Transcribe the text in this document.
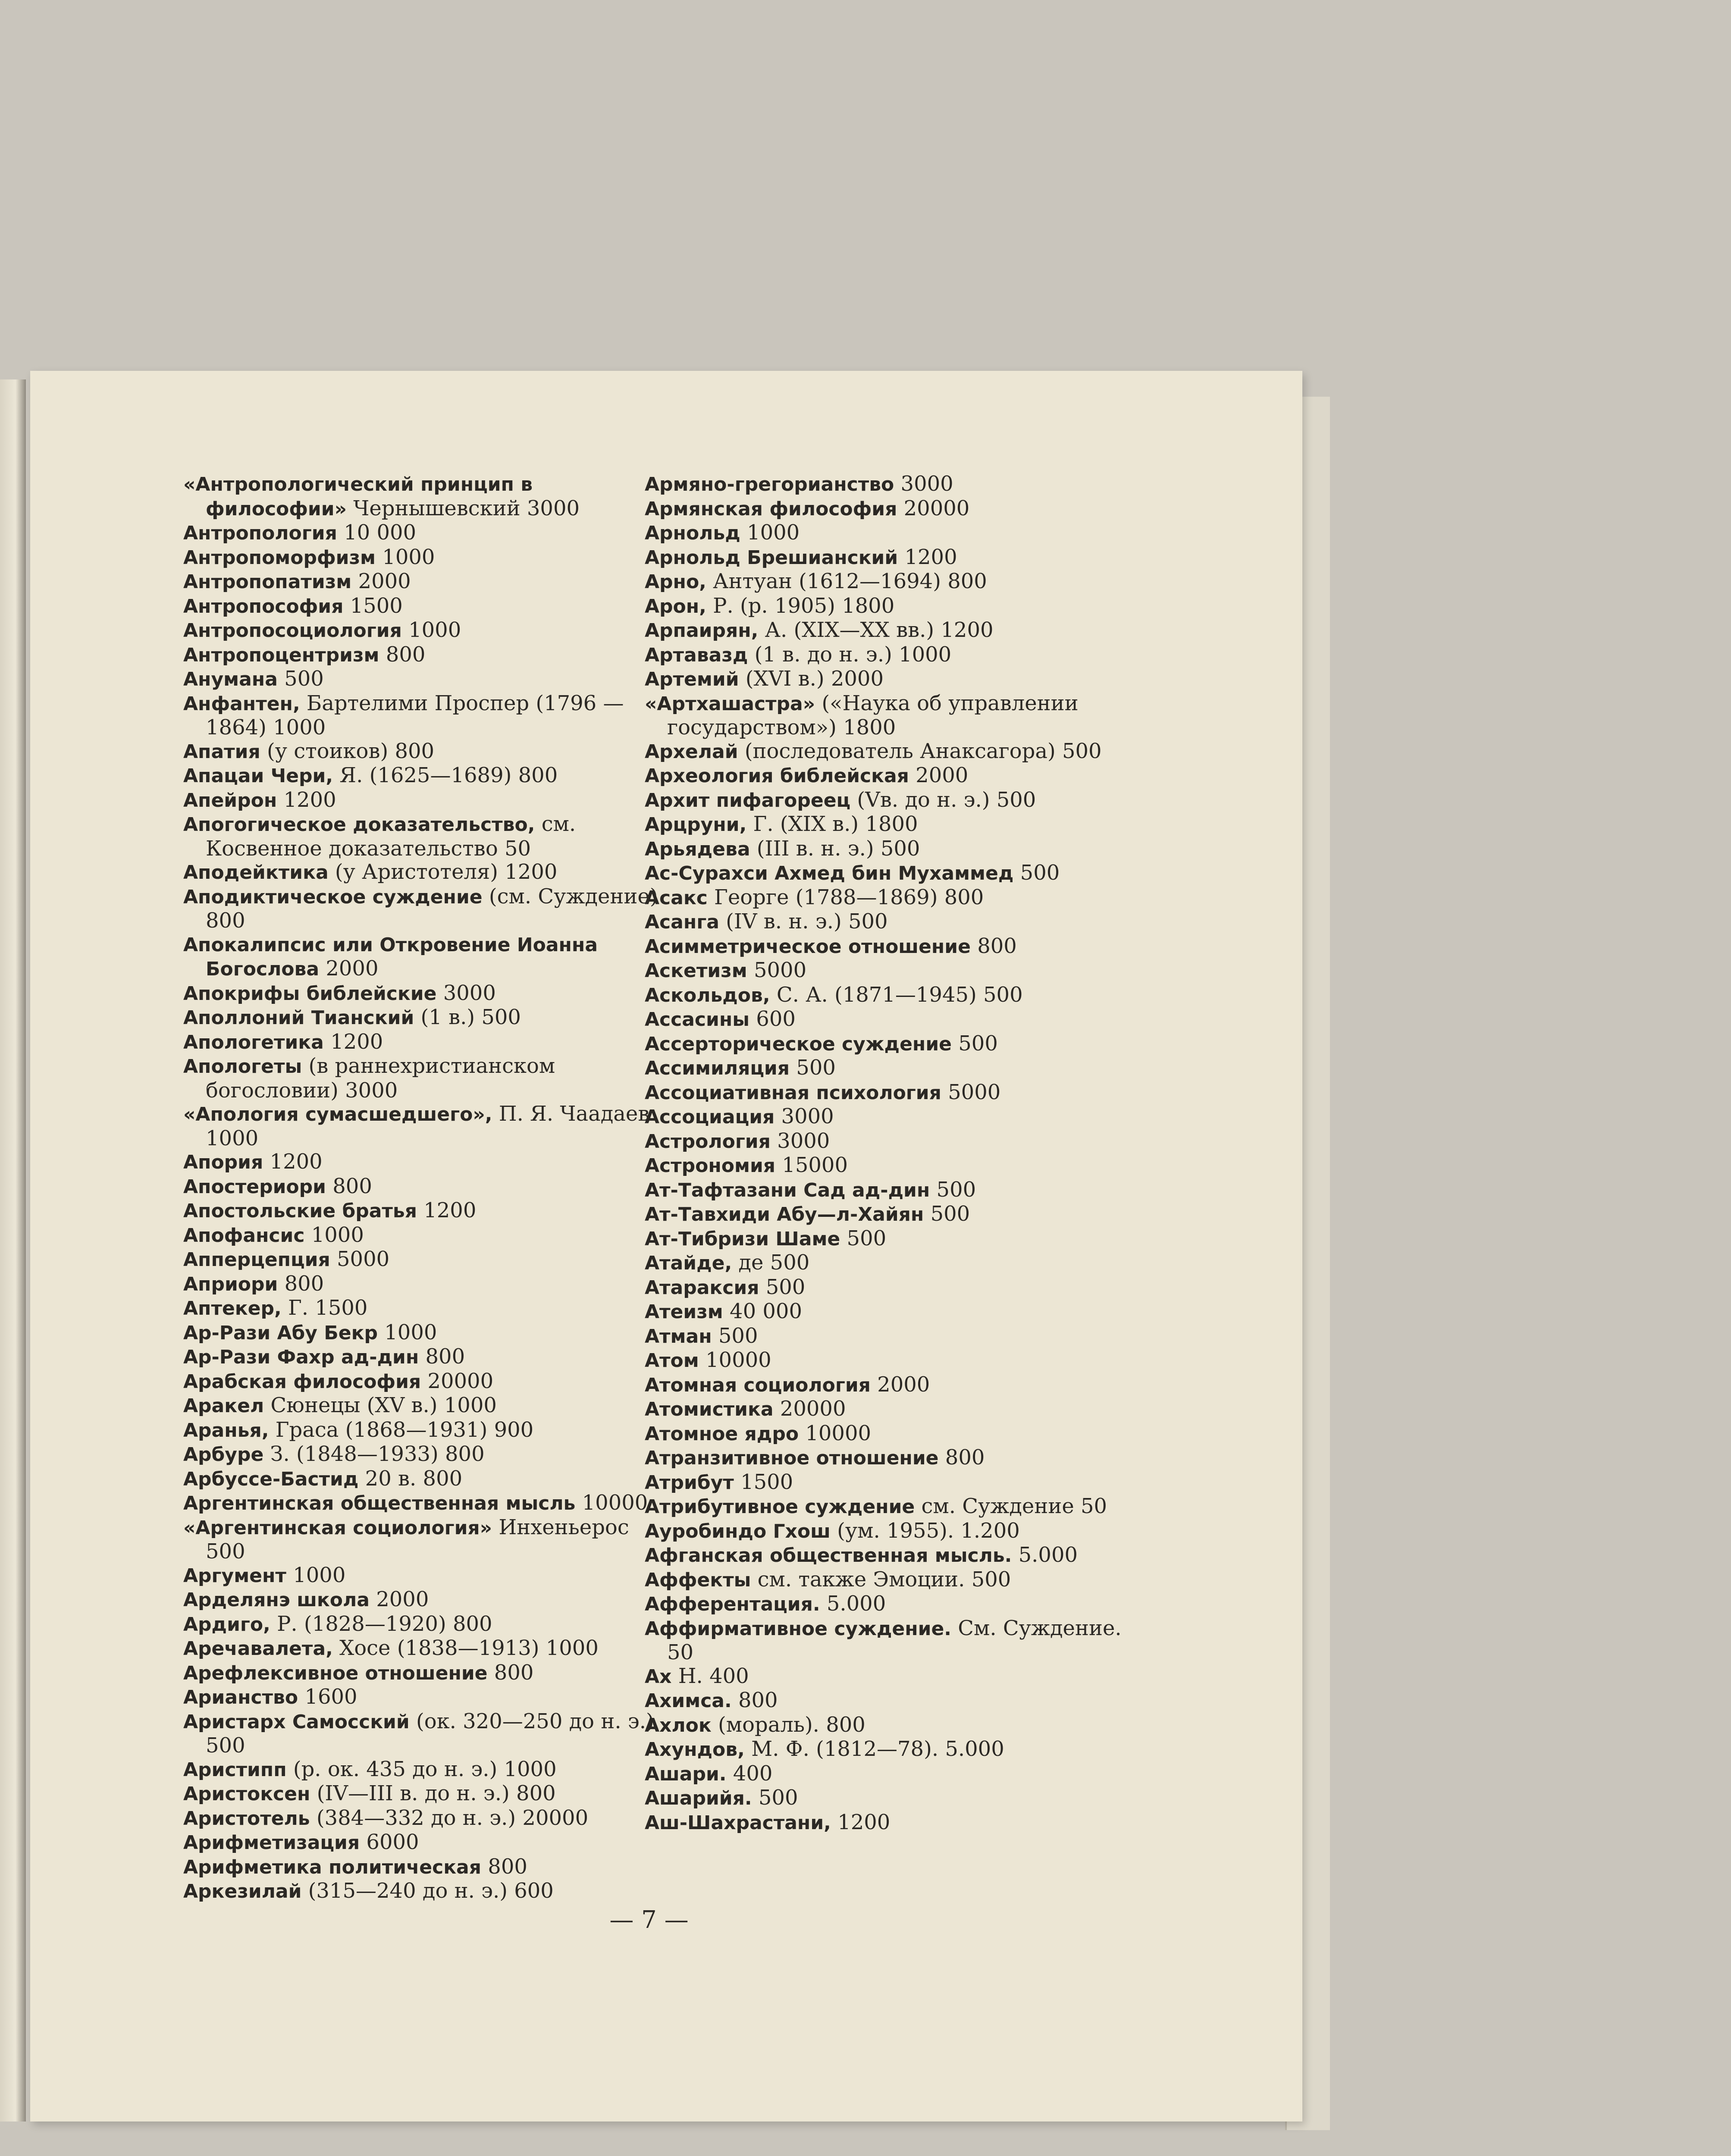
«Антропологический принцип в философии» Чернышевский 3000

Антропология 10 000

Антропоморфизм 1000

Антропопатизм 2000

Антропософия 1500

Антропосоциология 1000

Антропоцентризм 800

Анумана 500

Анфантен, Бартелими Проспер (1796 — 1864) 1000

Апатия (у стоиков) 800

Апацаи Чери, Я. (1625—1689) 800

Апейрон 1200

Апогогическое доказательство, см. Косвенное доказательство 50

Аподейктика (у Аристотеля) 1200

Аподиктическое суждение (см. Суждение) 800

Апокалипсис или Откровение Иоанна Богослова 2000

Апокрифы библейские 3000

Аполлоний Тианский (1 в.) 500

Апологетика 1200

Апологеты (в раннехристианском богословии) 3000

«Апология сумасшедшего», П. Я. Чаадаев 1000

Апория 1200

Апостериори 800

Апостольские братья 1200

Апофансис 1000

Апперцепция 5000

Априори 800

Аптекер, Г. 1500

Ар-Рази Абу Бекр 1000

Ар-Рази Фахр ад-дин 800

Арабская философия 20000

Аракел Сюнецы (XV в.) 1000

Аранья, Граса (1868—1931) 900

Арбуре З. (1848—1933) 800

Арбуссе-Бастид 20 в. 800

Аргентинская общественная мысль 10000

«Аргентинская социология» Инхеньерос 500

Аргумент 1000

Арделянэ школа 2000

Ардиго, Р. (1828—1920) 800

Аречавалета, Хосе (1838—1913) 1000

Арефлексивное отношение 800

Арианство 1600

Аристарх Самосский (ок. 320—250 до н. э.) 500

Аристипп (р. ок. 435 до н. э.) 1000

Аристоксен (IV—III в. до н. э.) 800

Аристотель (384—332 до н. э.) 20000

Арифметизация 6000

Арифметика политическая 800

Аркезилай (315—240 до н. э.) 600

Армяно-грегорианство 3000

Армянская философия 20000

Арнольд 1000

Арнольд Брешианский 1200

Арно, Антуан (1612—1694) 800

Арон, Р. (р. 1905) 1800

Арпаирян, А. (XIX—XX вв.) 1200

Артавазд (1 в. до н. э.) 1000

Артемий (XVI в.) 2000

«Артхашастра» («Наука об управлении государством») 1800

Архелай (последователь Анаксагора) 500

Археология библейская 2000

Архит пифагореец (Vв. до н. э.) 500

Арцруни, Г. (XIX в.) 1800

Арьядева (III в. н. э.) 500

Ас-Сурахси Ахмед бин Мухаммед 500

Асакс Георге (1788—1869) 800

Асанга (IV в. н. э.) 500

Асимметрическое отношение 800

Аскетизм 5000

Аскольдов, С. А. (1871—1945) 500

Ассасины 600

Ассерторическое суждение 500

Ассимиляция 500

Ассоциативная психология 5000

Ассоциация 3000

Астрология 3000

Астрономия 15000

Ат-Тафтазани Сад ад-дин 500

Ат-Тавхиди Абу—л-Хайян 500

Ат-Тибризи Шаме 500

Атайде, де 500

Атараксия 500

Атеизм 40 000

Атман 500

Атом 10000

Атомная социология 2000

Атомистика 20000

Атомное ядро 10000

Атранзитивное отношение 800

Атрибут 1500

Атрибутивное суждение см. Суждение 50

Ауробиндо Гхош (ум. 1955). 1.200

Афганская общественная мысль. 5.000

Аффекты см. также Эмоции. 500

Афферентация. 5.000

Аффирмативное суждение. См. Суждение. 50

Ах Н. 400

Ахимса. 800

Ахлок (мораль). 800

Ахундов, М. Ф. (1812—78). 5.000

Ашари. 400

Ашарийя. 500

Аш-Шахрастани, 1200

— 7 —
